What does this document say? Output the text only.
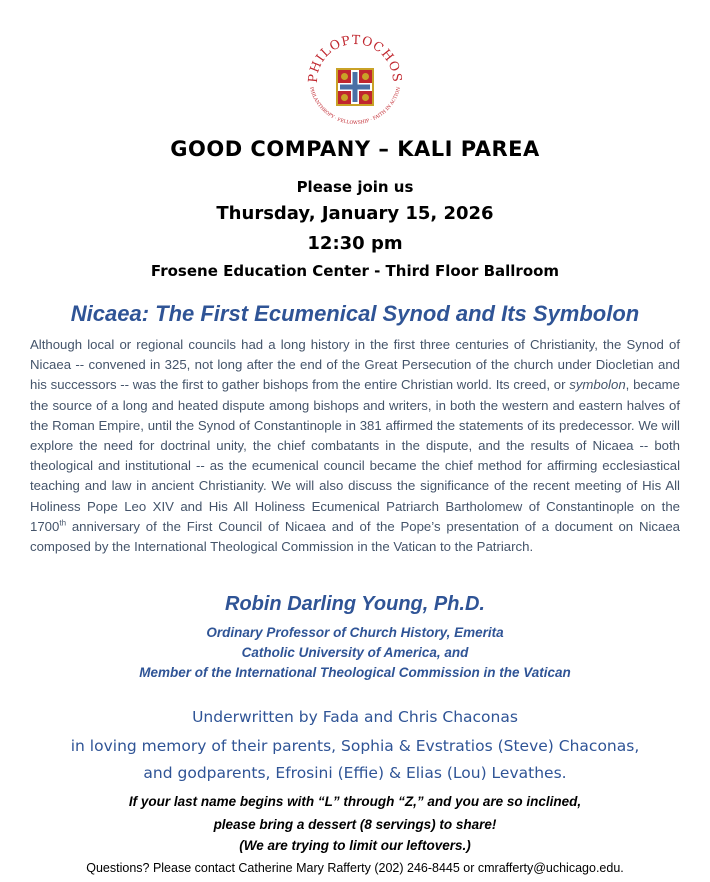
PHILOPTOCHOS
PHILANTHROPY · FELLOWSHIP · FAITH IN ACTION
GOOD COMPANY – KALI PAREA
Please join us
Thursday, January 15, 2026
12:30 pm
Frosene Education Center - Third Floor Ballroom
Nicaea: The First Ecumenical Synod and Its Symbolon

Although local or regional councils had a long history in the first three centuries of Christianity, the Synod of Nicaea -- convened in 325, not long after the end of the Great Persecution of the church under Diocletian and his successors -- was the first to gather bishops from the entire Christian world. Its creed, or symbolon, became the source of a long and heated dispute among bishops and writers, in both the western and eastern halves of the Roman Empire, until the Synod of Constantinople in 381 affirmed the statements of its predecessor. We will explore the need for doctrinal unity, the chief combatants in the dispute, and the results of Nicaea -- both theological and institutional -- as the ecumenical council became the chief method for affirming ecclesiastical teaching and law in ancient Christianity. We will also discuss the significance of the recent meeting of His All Holiness Pope Leo XIV and His All Holiness Ecumenical Patriarch Bartholomew of Constantinople on the 1700th anniversary of the First Council of Nicaea and of the Pope’s presentation of a document on Nicaea composed by the International Theological Commission in the Vatican to the Patriarch.

Robin Darling Young, Ph.D.
Ordinary Professor of Church History, Emerita
Catholic University of America, and
Member of the International Theological Commission in the Vatican
Underwritten by Fada and Chris Chaconas
in loving memory of their parents, Sophia & Evstratios (Steve) Chaconas,
and godparents, Efrosini (Effie) & Elias (Lou) Levathes.
If your last name begins with “L” through “Z,” and you are so inclined,
please bring a dessert (8 servings) to share!
(We are trying to limit our leftovers.)
Questions? Please contact Catherine Mary Rafferty (202) 246-8445 or cmrafferty@uchicago.edu.
